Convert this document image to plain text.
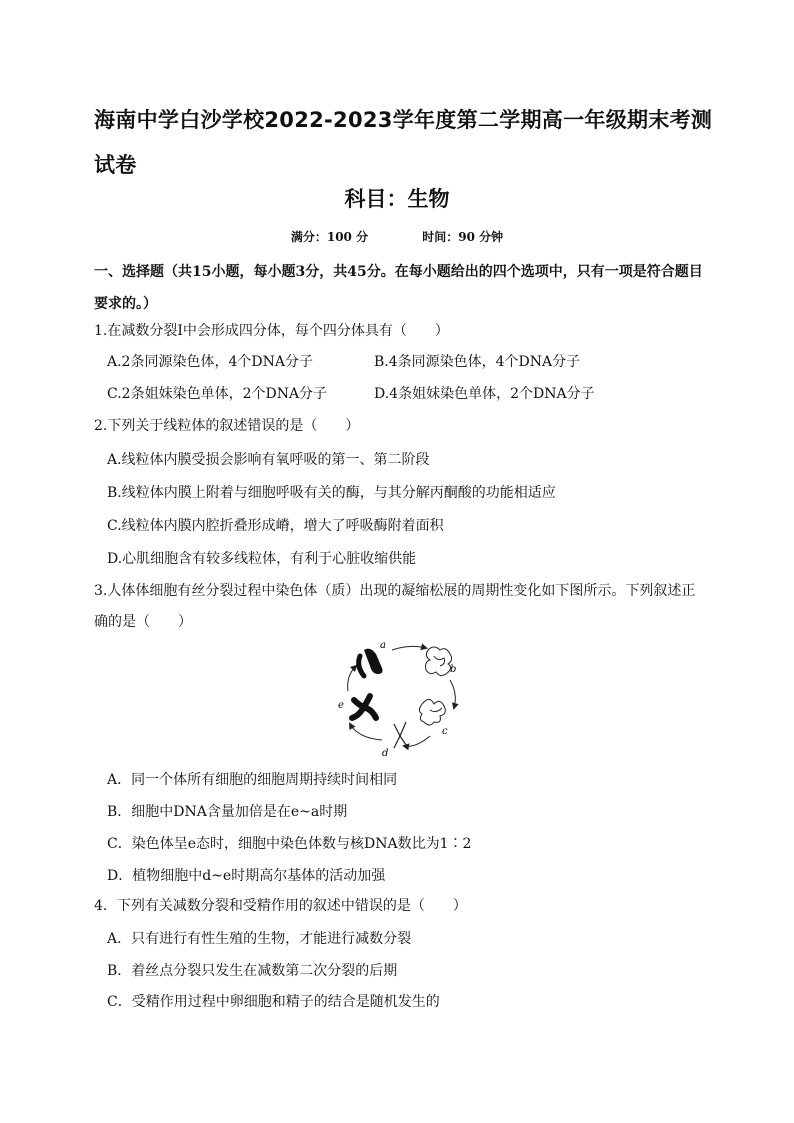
海南中学白沙学校2022-2023学年度第二学期高一年级期末考测试卷
科目：生物
满分：100 分	时间：90 分钟
一、选择题（共15小题，每小题3分，共45分。在每小题给出的四个选项中，只有一项是符合题目要求的。）
1.在减数分裂Ⅰ中会形成四分体，每个四分体具有（　　）
A.2条同源染色体，4个DNA分子	B.4条同源染色体，4个DNA分子
C.2条姐妹染色单体，2个DNA分子	D.4条姐妹染色单体，2个DNA分子
2.下列关于线粒体的叙述错误的是（　　）
A.线粒体内膜受损会影响有氧呼吸的第一、第二阶段
B.线粒体内膜上附着与细胞呼吸有关的酶，与其分解丙酮酸的功能相适应
C.线粒体内膜内腔折叠形成嵴，增大了呼吸酶附着面积
D.心肌细胞含有较多线粒体，有利于心脏收缩供能
3.人体体细胞有丝分裂过程中染色体（质）出现的凝缩松展的周期性变化如下图所示。下列叙述正确的是（　　）
a
b
c
d
e
A．同一个体所有细胞的细胞周期持续时间相同
B．细胞中DNA含量加倍是在e~a时期
C．染色体呈e态时，细胞中染色体数与核DNA数比为1∶2
D．植物细胞中d~e时期高尔基体的活动加强
4．下列有关减数分裂和受精作用的叙述中错误的是（　　）
A．只有进行有性生殖的生物，才能进行减数分裂
B．着丝点分裂只发生在减数第二次分裂的后期
C．受精作用过程中卵细胞和精子的结合是随机发生的
